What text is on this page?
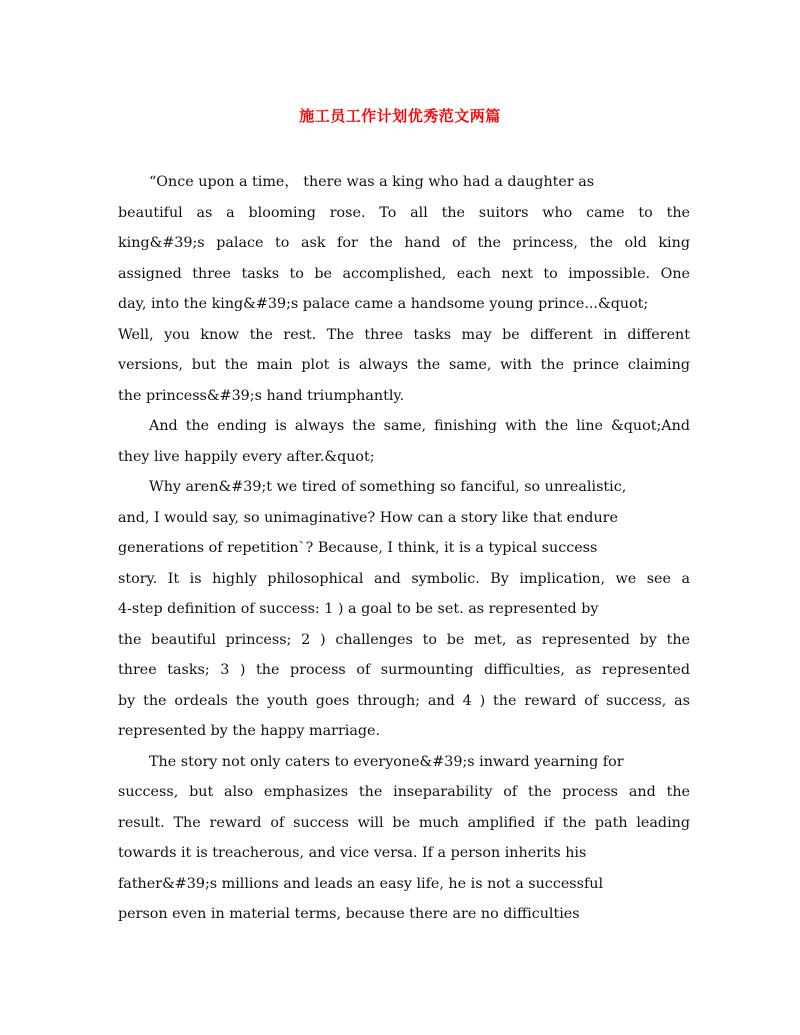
施工员工作计划优秀范文两篇
“Once upon a time， there was a king who had a daughter as
beautiful as a blooming rose. To all the suitors who came to the
king&#39;s palace to ask for the hand of the princess, the old king
assigned three tasks to be accomplished, each next to impossible. One
day, into the king&#39;s palace came a handsome young prince...&quot;
Well, you know the rest. The three tasks may be different in different
versions, but the main plot is always the same, with the prince claiming
the princess&#39;s hand triumphantly.
And the ending is always the same, finishing with the line &quot;And
they live happily every after.&quot;
Why aren&#39;t we tired of something so fanciful, so unrealistic,
and, I would say, so unimaginative? How can a story like that endure
generations of repetition`? Because, I think, it is a typical success
story. It is highly philosophical and symbolic. By implication, we see a
4-step definition of success: 1 ) a goal to be set. as represented by
the beautiful princess; 2 ) challenges to be met, as represented by the
three tasks; 3 ) the process of surmounting difficulties, as represented
by the ordeals the youth goes through; and 4 ) the reward of success, as
represented by the happy marriage.
The story not only caters to everyone&#39;s inward yearning for
success, but also emphasizes the inseparability of the process and the
result. The reward of success will be much amplified if the path leading
towards it is treacherous, and vice versa. If a person inherits his
father&#39;s millions and leads an easy life, he is not a successful
person even in material terms, because there are no difficulties
